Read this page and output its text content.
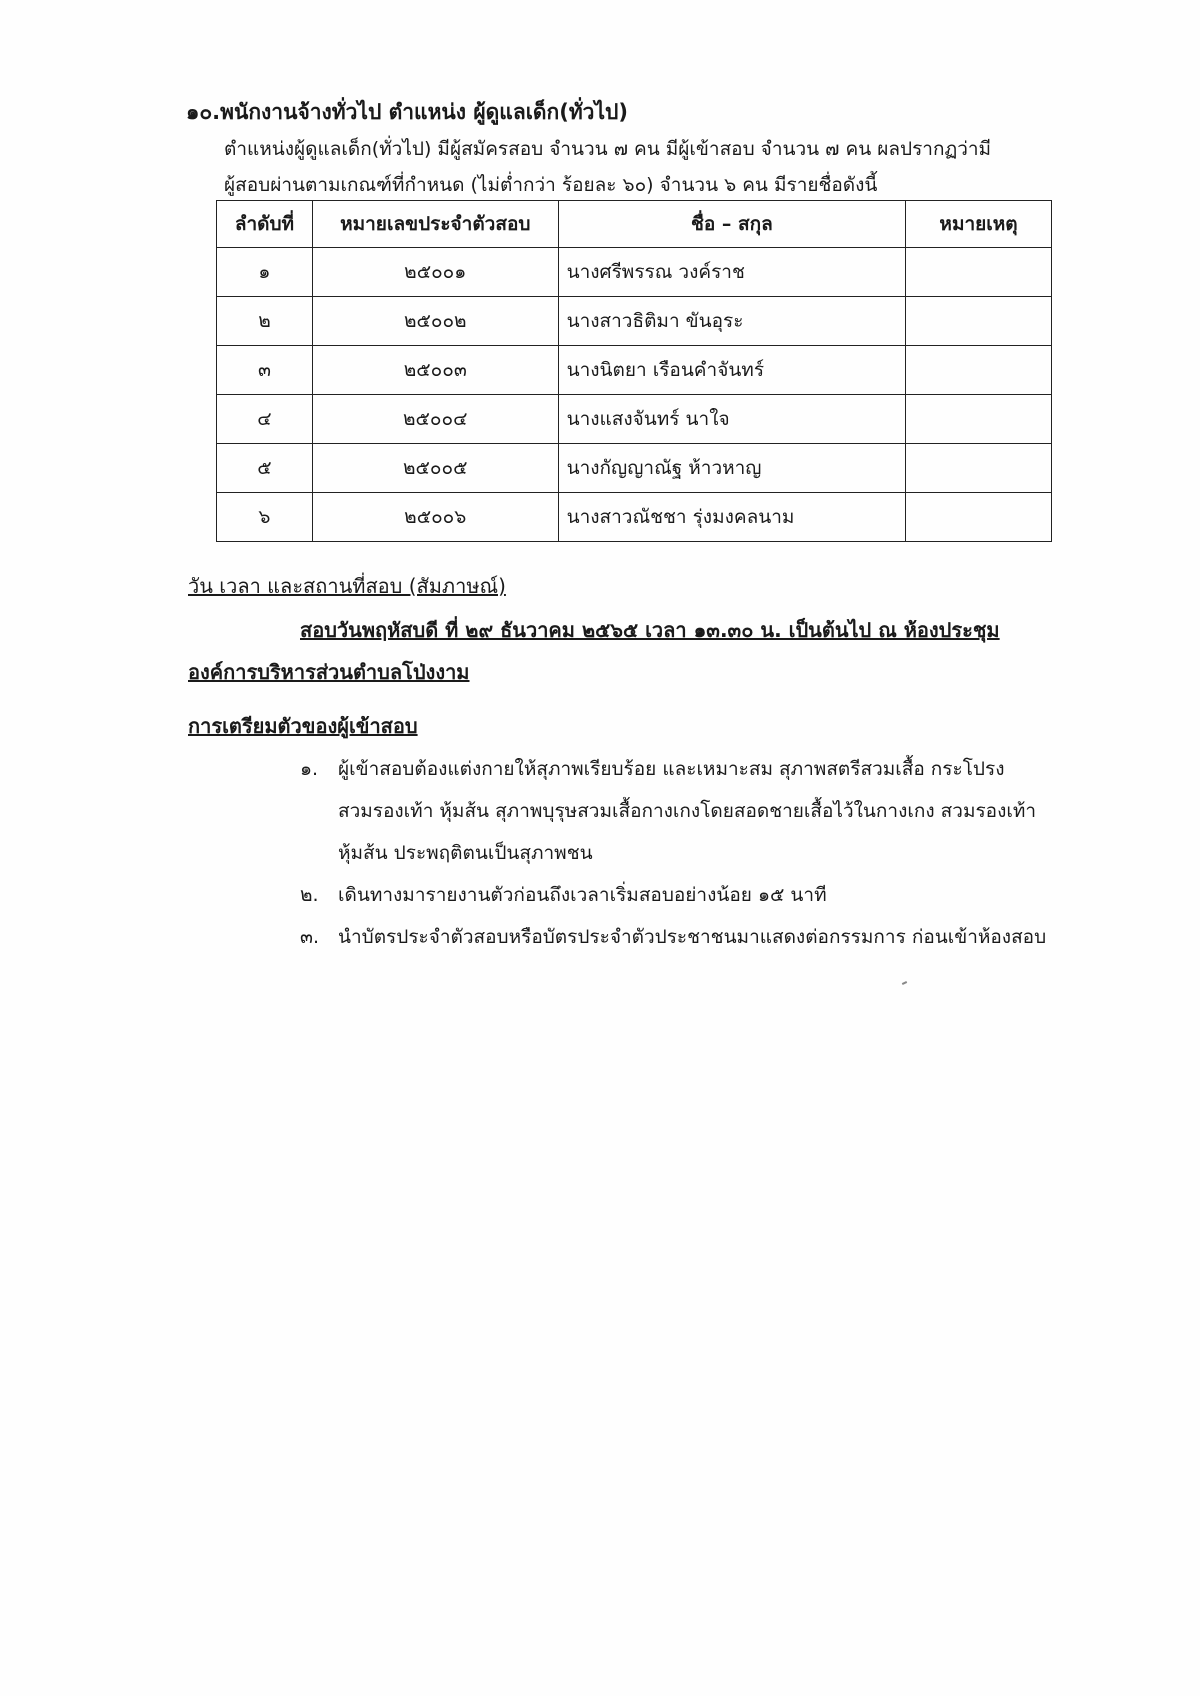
๑๐.พนักงานจ้างทั่วไป ตำแหน่ง ผู้ดูแลเด็ก(ทั่วไป)
ตำแหน่งผู้ดูแลเด็ก(ทั่วไป) มีผู้สมัครสอบ จำนวน ๗ คน มีผู้เข้าสอบ จำนวน ๗ คน ผลปรากฏว่ามี
ผู้สอบผ่านตามเกณฑ์ที่กำหนด (ไม่ต่ำกว่า ร้อยละ ๖๐) จำนวน ๖ คน มีรายชื่อดังนี้
ลำดับที่	หมายเลขประจำตัวสอบ	ชื่อ – สกุล	หมายเหตุ
๑	๒๕๐๐๑	นางศรีพรรณ วงค์ราช	
๒	๒๕๐๐๒	นางสาวธิติมา ขันอุระ	
๓	๒๕๐๐๓	นางนิตยา เรือนคำจันทร์	
๔	๒๕๐๐๔	นางแสงจันทร์ นาใจ	
๕	๒๕๐๐๕	นางกัญญาณัฐ ห้าวหาญ	
๖	๒๕๐๐๖	นางสาวณัชชา รุ่งมงคลนาม	
วัน เวลา และสถานที่สอบ (สัมภาษณ์)
สอบวันพฤหัสบดี ที่ ๒๙ ธันวาคม ๒๕๖๕ เวลา ๑๓.๓๐ น. เป็นต้นไป ณ ห้องประชุม
องค์การบริหารส่วนตำบลโป่งงาม
การเตรียมตัวของผู้เข้าสอบ
๑. ผู้เข้าสอบต้องแต่งกายให้สุภาพเรียบร้อย และเหมาะสม สุภาพสตรีสวมเสื้อ กระโปรง
สวมรองเท้า หุ้มส้น สุภาพบุรุษสวมเสื้อกางเกงโดยสอดชายเสื้อไว้ในกางเกง สวมรองเท้า
หุ้มส้น ประพฤติตนเป็นสุภาพชน
๒. เดินทางมารายงานตัวก่อนถึงเวลาเริ่มสอบอย่างน้อย ๑๕ นาที
๓. นำบัตรประจำตัวสอบหรือบัตรประจำตัวประชาชนมาแสดงต่อกรรมการ ก่อนเข้าห้องสอบ
